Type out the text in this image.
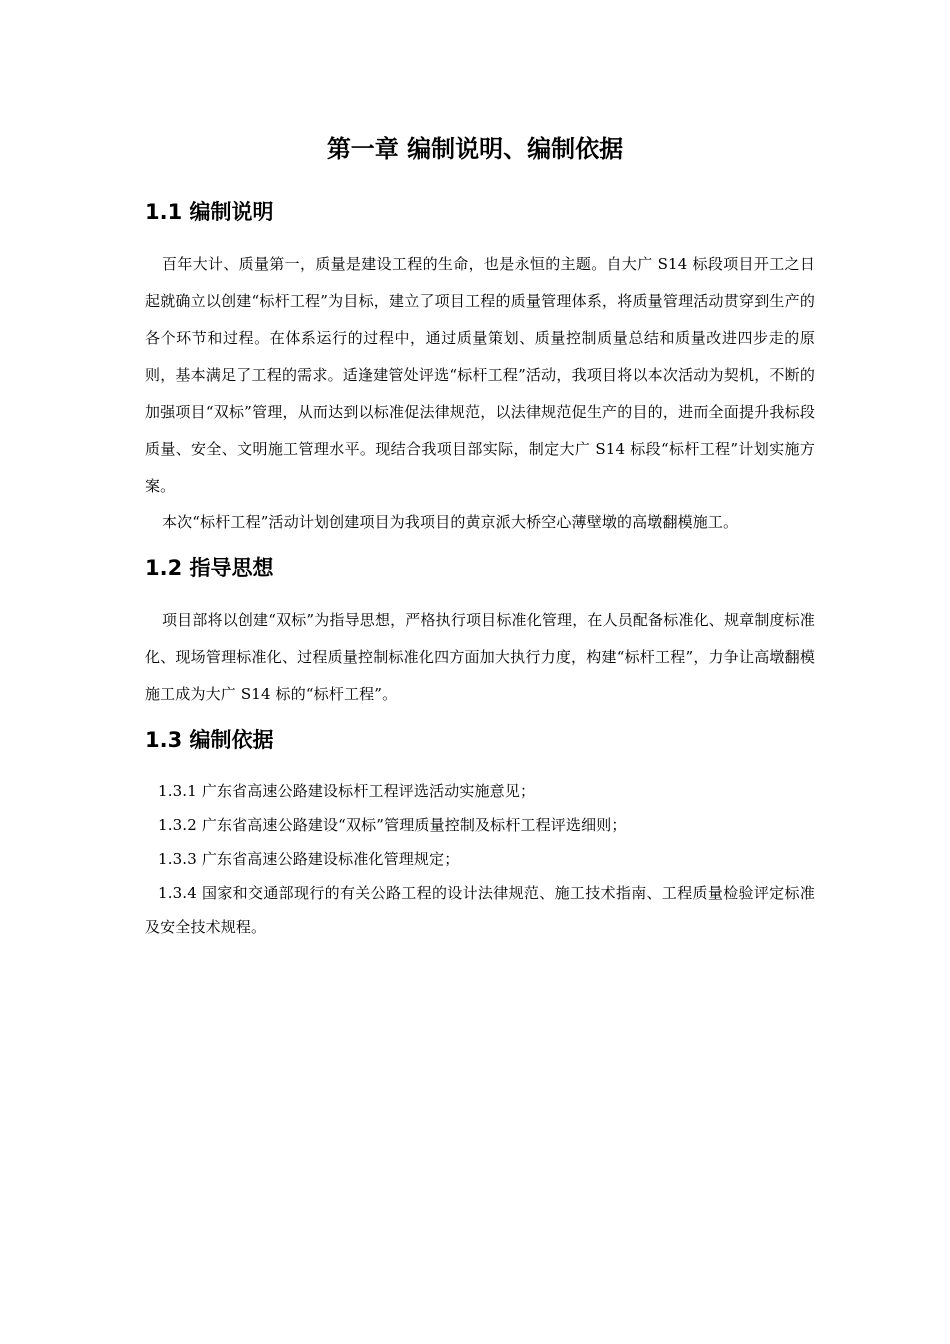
第一章 编制说明、编制依据
1.1 编制说明

百年大计、质量第一，质量是建设工程的生命，也是永恒的主题。自大广 S14 标段项目开工之日起就确立以创建“标杆工程”为目标，建立了项目工程的质量管理体系，将质量管理活动贯穿到生产的各个环节和过程。在体系运行的过程中，通过质量策划、质量控制质量总结和质量改进四步走的原则，基本满足了工程的需求。适逢建管处评选“标杆工程”活动，我项目将以本次活动为契机，不断的加强项目“双标”管理，从而达到以标准促法律规范，以法律规范促生产的目的，进而全面提升我标段质量、安全、文明施工管理水平。现结合我项目部实际，制定大广 S14 标段“标杆工程”计划实施方案。

本次“标杆工程”活动计划创建项目为我项目的黄京派大桥空心薄壁墩的高墩翻模施工。

1.2 指导思想

项目部将以创建“双标”为指导思想，严格执行项目标准化管理，在人员配备标准化、规章制度标准化、现场管理标准化、过程质量控制标准化四方面加大执行力度，构建“标杆工程”，力争让高墩翻模施工成为大广 S14 标的“标杆工程”。

1.3 编制依据

1.3.1 广东省高速公路建设标杆工程评选活动实施意见；

1.3.2 广东省高速公路建设“双标”管理质量控制及标杆工程评选细则；

1.3.3 广东省高速公路建设标准化管理规定；

1.3.4 国家和交通部现行的有关公路工程的设计法律规范、施工技术指南、工程质量检验评定标准及安全技术规程。
